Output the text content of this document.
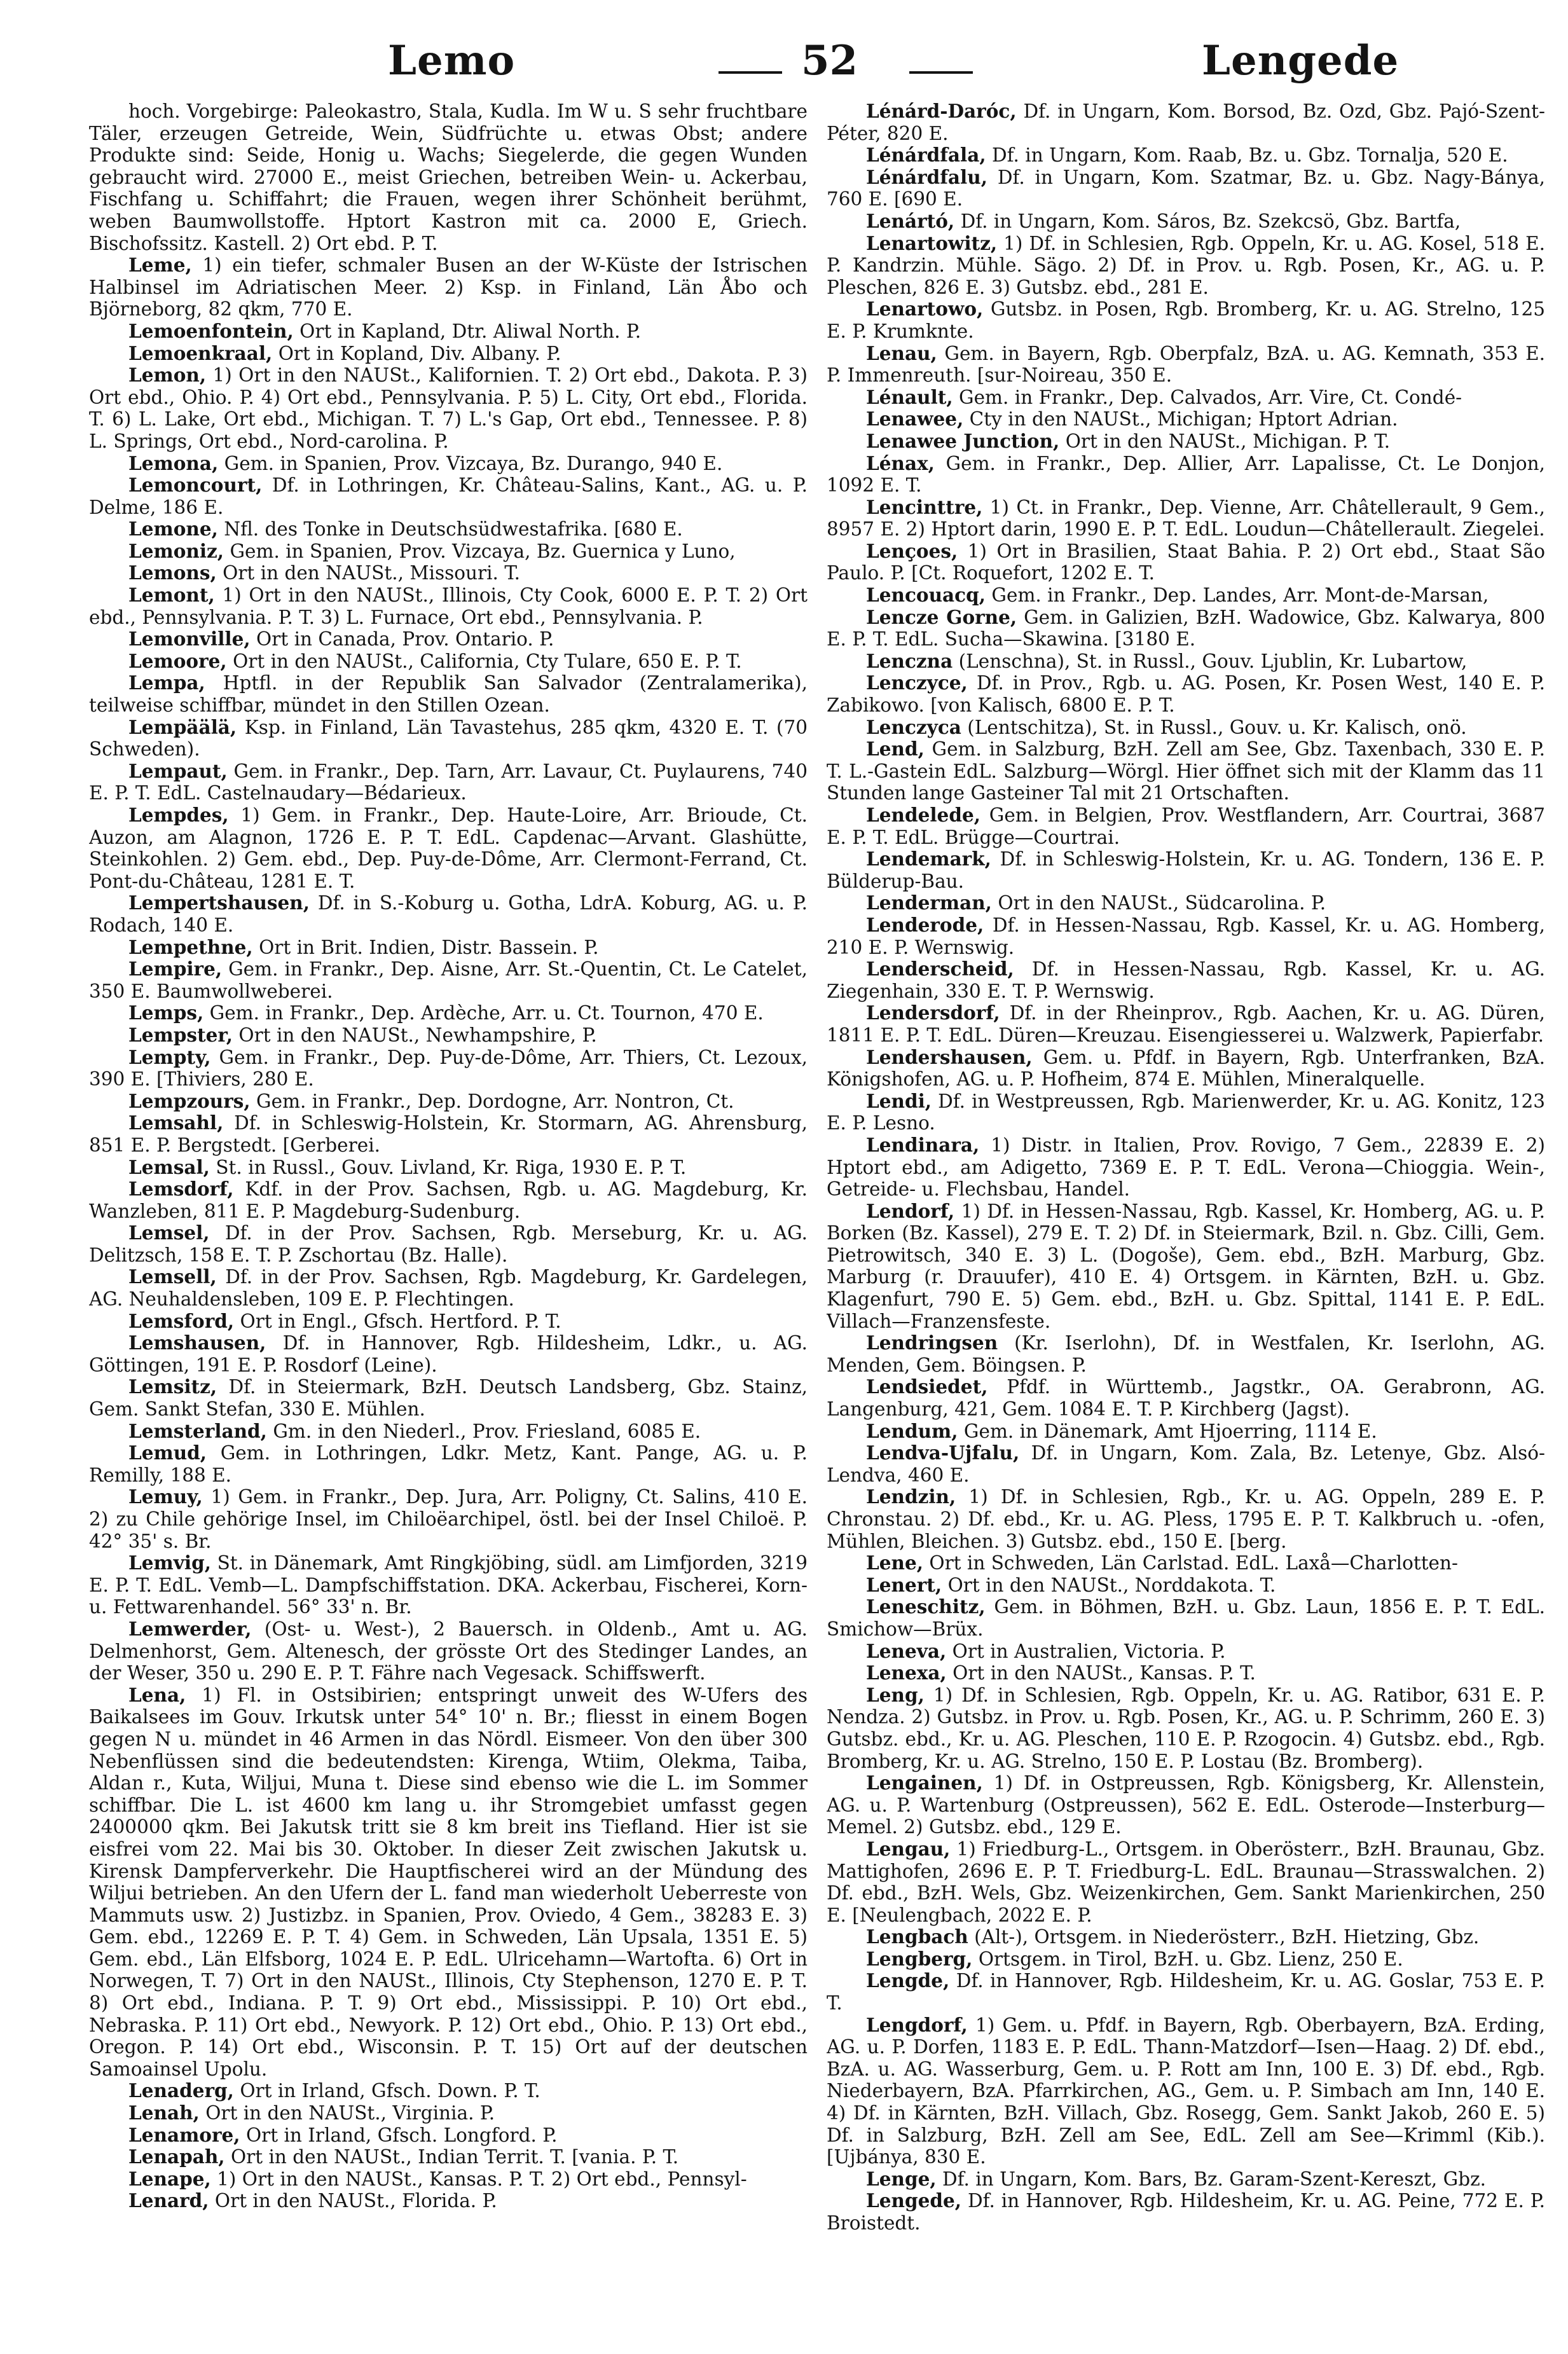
Lemo	52	Lengede

hoch. Vorgebirge: Paleokastro, Stala, Kudla. Im W u. S sehr fruchtbare Täler, erzeugen Getreide, Wein, Südfrüchte u. etwas Obst; andere Produkte sind: Seide, Honig u. Wachs; Siegelerde, die gegen Wunden gebraucht wird. 27000 E., meist Griechen, betreiben Wein- u. Ackerbau, Fischfang u. Schiffahrt; die Frauen, wegen ihrer Schönheit berühmt, weben Baumwollstoffe. Hptort Kastron mit ca. 2000 E, Griech. Bischofssitz. Kastell. 2) Ort ebd. P. T.

Leme, 1) ein tiefer, schmaler Busen an der W-Küste der Istrischen Halbinsel im Adriatischen Meer. 2) Ksp. in Finland, Län Åbo och Björneborg, 82 qkm, 770 E.

Lemoenfontein, Ort in Kapland, Dtr. Aliwal North. P.

Lemoenkraal, Ort in Kopland, Div. Albany. P.

Lemon, 1) Ort in den NAUSt., Kalifornien. T. 2) Ort ebd., Dakota. P. 3) Ort ebd., Ohio. P. 4) Ort ebd., Pennsylvania. P. 5) L. City, Ort ebd., Florida. T. 6) L. Lake, Ort ebd., Michigan. T. 7) L.'s Gap, Ort ebd., Tennessee. P. 8) L. Springs, Ort ebd., Nord-carolina. P.

Lemona, Gem. in Spanien, Prov. Vizcaya, Bz. Durango, 940 E.

Lemoncourt, Df. in Lothringen, Kr. Château-Salins, Kant., AG. u. P. Delme, 186 E.

Lemone, Nfl. des Tonke in Deutschsüdwestafrika. [680 E.

Lemoniz, Gem. in Spanien, Prov. Vizcaya, Bz. Guernica y Luno,

Lemons, Ort in den NAUSt., Missouri. T.

Lemont, 1) Ort in den NAUSt., Illinois, Cty Cook, 6000 E. P. T. 2) Ort ebd., Pennsylvania. P. T. 3) L. Furnace, Ort ebd., Pennsylvania. P.

Lemonville, Ort in Canada, Prov. Ontario. P.

Lemoore, Ort in den NAUSt., California, Cty Tulare, 650 E. P. T.

Lempa, Hptfl. in der Republik San Salvador (Zentralamerika), teilweise schiffbar, mündet in den Stillen Ozean.

Lempäälä, Ksp. in Finland, Län Tavastehus, 285 qkm, 4320 E. T. (70 Schweden).

Lempaut, Gem. in Frankr., Dep. Tarn, Arr. Lavaur, Ct. Puylaurens, 740 E. P. T. EdL. Castelnaudary—Bédarieux.

Lempdes, 1) Gem. in Frankr., Dep. Haute-Loire, Arr. Brioude, Ct. Auzon, am Alagnon, 1726 E. P. T. EdL. Capdenac—Arvant. Glashütte, Steinkohlen. 2) Gem. ebd., Dep. Puy-de-Dôme, Arr. Clermont-Ferrand, Ct. Pont-du-Château, 1281 E. T.

Lempertshausen, Df. in S.-Koburg u. Gotha, LdrA. Koburg, AG. u. P. Rodach, 140 E.

Lempethne, Ort in Brit. Indien, Distr. Bassein. P.

Lempire, Gem. in Frankr., Dep. Aisne, Arr. St.-Quentin, Ct. Le Catelet, 350 E. Baumwollweberei.

Lemps, Gem. in Frankr., Dep. Ardèche, Arr. u. Ct. Tournon, 470 E.

Lempster, Ort in den NAUSt., Newhampshire, P.

Lempty, Gem. in Frankr., Dep. Puy-de-Dôme, Arr. Thiers, Ct. Lezoux, 390 E. [Thiviers, 280 E.

Lempzours, Gem. in Frankr., Dep. Dordogne, Arr. Nontron, Ct.

Lemsahl, Df. in Schleswig-Holstein, Kr. Stormarn, AG. Ahrensburg, 851 E. P. Bergstedt. [Gerberei.

Lemsal, St. in Russl., Gouv. Livland, Kr. Riga, 1930 E. P. T.

Lemsdorf, Kdf. in der Prov. Sachsen, Rgb. u. AG. Magdeburg, Kr. Wanzleben, 811 E. P. Magdeburg-Sudenburg.

Lemsel, Df. in der Prov. Sachsen, Rgb. Merseburg, Kr. u. AG. Delitzsch, 158 E. T. P. Zschortau (Bz. Halle).

Lemsell, Df. in der Prov. Sachsen, Rgb. Magdeburg, Kr. Gardelegen, AG. Neuhaldensleben, 109 E. P. Flechtingen.

Lemsford, Ort in Engl., Gfsch. Hertford. P. T.

Lemshausen, Df. in Hannover, Rgb. Hildesheim, Ldkr., u. AG. Göttingen, 191 E. P. Rosdorf (Leine).

Lemsitz, Df. in Steiermark, BzH. Deutsch Landsberg, Gbz. Stainz, Gem. Sankt Stefan, 330 E. Mühlen.

Lemsterland, Gm. in den Niederl., Prov. Friesland, 6085 E.

Lemud, Gem. in Lothringen, Ldkr. Metz, Kant. Pange, AG. u. P. Remilly, 188 E.

Lemuy, 1) Gem. in Frankr., Dep. Jura, Arr. Poligny, Ct. Salins, 410 E. 2) zu Chile gehörige Insel, im Chiloëarchipel, östl. bei der Insel Chiloë. P. 42° 35' s. Br.

Lemvig, St. in Dänemark, Amt Ringkjöbing, südl. am Limfjorden, 3219 E. P. T. EdL. Vemb—L. Dampfschiffstation. DKA. Ackerbau, Fischerei, Korn- u. Fettwarenhandel. 56° 33' n. Br.

Lemwerder, (Ost- u. West-), 2 Bauersch. in Oldenb., Amt u. AG. Delmenhorst, Gem. Altenesch, der grösste Ort des Stedinger Landes, an der Weser, 350 u. 290 E. P. T. Fähre nach Vegesack. Schiffswerft.

Lena, 1) Fl. in Ostsibirien; entspringt unweit des W-Ufers des Baikalsees im Gouv. Irkutsk unter 54° 10' n. Br.; fliesst in einem Bogen gegen N u. mündet in 46 Armen in das Nördl. Eismeer. Von den über 300 Nebenflüssen sind die bedeutendsten: Kirenga, Wtiim, Olekma, Taiba, Aldan r., Kuta, Wiljui, Muna t. Diese sind ebenso wie die L. im Sommer schiffbar. Die L. ist 4600 km lang u. ihr Stromgebiet umfasst gegen 2400000 qkm. Bei Jakutsk tritt sie 8 km breit ins Tiefland. Hier ist sie eisfrei vom 22. Mai bis 30. Oktober. In dieser Zeit zwischen Jakutsk u. Kirensk Dampferverkehr. Die Hauptfischerei wird an der Mündung des Wiljui betrieben. An den Ufern der L. fand man wiederholt Ueberreste von Mammuts usw. 2) Justizbz. in Spanien, Prov. Oviedo, 4 Gem., 38283 E. 3) Gem. ebd., 12269 E. P. T. 4) Gem. in Schweden, Län Upsala, 1351 E. 5) Gem. ebd., Län Elfsborg, 1024 E. P. EdL. Ulricehamn—Wartofta. 6) Ort in Norwegen, T. 7) Ort in den NAUSt., Illinois, Cty Stephenson, 1270 E. P. T. 8) Ort ebd., Indiana. P. T. 9) Ort ebd., Mississippi. P. 10) Ort ebd., Nebraska. P. 11) Ort ebd., Newyork. P. 12) Ort ebd., Ohio. P. 13) Ort ebd., Oregon. P. 14) Ort ebd., Wisconsin. P. T. 15) Ort auf der deutschen Samoainsel Upolu.

Lenaderg, Ort in Irland, Gfsch. Down. P. T.

Lenah, Ort in den NAUSt., Virginia. P.

Lenamore, Ort in Irland, Gfsch. Longford. P.

Lenapah, Ort in den NAUSt., Indian Territ. T. [vania. P. T.

Lenape, 1) Ort in den NAUSt., Kansas. P. T. 2) Ort ebd., Pennsyl-

Lenard, Ort in den NAUSt., Florida. P.

Lénárd-Daróc, Df. in Ungarn, Kom. Borsod, Bz. Ozd, Gbz. Pajó-Szent-Péter, 820 E.

Lénárdfala, Df. in Ungarn, Kom. Raab, Bz. u. Gbz. Tornalja, 520 E.

Lénárdfalu, Df. in Ungarn, Kom. Szatmar, Bz. u. Gbz. Nagy-Bánya, 760 E. [690 E.

Lenártó, Df. in Ungarn, Kom. Sáros, Bz. Szekcsö, Gbz. Bartfa,

Lenartowitz, 1) Df. in Schlesien, Rgb. Oppeln, Kr. u. AG. Kosel, 518 E. P. Kandrzin. Mühle. Sägo. 2) Df. in Prov. u. Rgb. Posen, Kr., AG. u. P. Pleschen, 826 E. 3) Gutsbz. ebd., 281 E.

Lenartowo, Gutsbz. in Posen, Rgb. Bromberg, Kr. u. AG. Strelno, 125 E. P. Krumknte.

Lenau, Gem. in Bayern, Rgb. Oberpfalz, BzA. u. AG. Kemnath, 353 E. P. Immenreuth. [sur-Noireau, 350 E.

Lénault, Gem. in Frankr., Dep. Calvados, Arr. Vire, Ct. Condé-

Lenawee, Cty in den NAUSt., Michigan; Hptort Adrian.

Lenawee Junction, Ort in den NAUSt., Michigan. P. T.

Lénax, Gem. in Frankr., Dep. Allier, Arr. Lapalisse, Ct. Le Donjon, 1092 E. T.

Lencinttre, 1) Ct. in Frankr., Dep. Vienne, Arr. Châtellerault, 9 Gem., 8957 E. 2) Hptort darin, 1990 E. P. T. EdL. Loudun—Châtellerault. Ziegelei.

Lençoes, 1) Ort in Brasilien, Staat Bahia. P. 2) Ort ebd., Staat São Paulo. P. [Ct. Roquefort, 1202 E. T.

Lencouacq, Gem. in Frankr., Dep. Landes, Arr. Mont-de-Marsan,

Lencze Gorne, Gem. in Galizien, BzH. Wadowice, Gbz. Kalwarya, 800 E. P. T. EdL. Sucha—Skawina. [3180 E.

Lenczna (Lenschna), St. in Russl., Gouv. Ljublin, Kr. Lubartow,

Lenczyce, Df. in Prov., Rgb. u. AG. Posen, Kr. Posen West, 140 E. P. Zabikowo. [von Kalisch, 6800 E. P. T.

Lenczyca (Lentschitza), St. in Russl., Gouv. u. Kr. Kalisch, onö.

Lend, Gem. in Salzburg, BzH. Zell am See, Gbz. Taxenbach, 330 E. P. T. L.-Gastein EdL. Salzburg—Wörgl. Hier öffnet sich mit der Klamm das 11 Stunden lange Gasteiner Tal mit 21 Ortschaften.

Lendelede, Gem. in Belgien, Prov. Westflandern, Arr. Courtrai, 3687 E. P. T. EdL. Brügge—Courtrai.

Lendemark, Df. in Schleswig-Holstein, Kr. u. AG. Tondern, 136 E. P. Bülderup-Bau.

Lenderman, Ort in den NAUSt., Südcarolina. P.

Lenderode, Df. in Hessen-Nassau, Rgb. Kassel, Kr. u. AG. Homberg, 210 E. P. Wernswig.

Lenderscheid, Df. in Hessen-Nassau, Rgb. Kassel, Kr. u. AG. Ziegenhain, 330 E. T. P. Wernswig.

Lendersdorf, Df. in der Rheinprov., Rgb. Aachen, Kr. u. AG. Düren, 1811 E. P. T. EdL. Düren—Kreuzau. Eisengiesserei u. Walzwerk, Papierfabr.

Lendershausen, Gem. u. Pfdf. in Bayern, Rgb. Unterfranken, BzA. Königshofen, AG. u. P. Hofheim, 874 E. Mühlen, Mineralquelle.

Lendi, Df. in Westpreussen, Rgb. Marienwerder, Kr. u. AG. Konitz, 123 E. P. Lesno.

Lendinara, 1) Distr. in Italien, Prov. Rovigo, 7 Gem., 22839 E. 2) Hptort ebd., am Adigetto, 7369 E. P. T. EdL. Verona—Chioggia. Wein-, Getreide- u. Flechsbau, Handel.

Lendorf, 1) Df. in Hessen-Nassau, Rgb. Kassel, Kr. Homberg, AG. u. P. Borken (Bz. Kassel), 279 E. T. 2) Df. in Steiermark, Bzil. n. Gbz. Cilli, Gem. Pietrowitsch, 340 E. 3) L. (Dogoše), Gem. ebd., BzH. Marburg, Gbz. Marburg (r. Drauufer), 410 E. 4) Ortsgem. in Kärnten, BzH. u. Gbz. Klagenfurt, 790 E. 5) Gem. ebd., BzH. u. Gbz. Spittal, 1141 E. P. EdL. Villach—Franzensfeste.

Lendringsen (Kr. Iserlohn), Df. in Westfalen, Kr. Iserlohn, AG. Menden, Gem. Böingsen. P.

Lendsiedet, Pfdf. in Württemb., Jagstkr., OA. Gerabronn, AG. Langenburg, 421, Gem. 1084 E. T. P. Kirchberg (Jagst).

Lendum, Gem. in Dänemark, Amt Hjoerring, 1114 E.

Lendva-Ujfalu, Df. in Ungarn, Kom. Zala, Bz. Letenye, Gbz. Alsó-Lendva, 460 E.

Lendzin, 1) Df. in Schlesien, Rgb., Kr. u. AG. Oppeln, 289 E. P. Chronstau. 2) Df. ebd., Kr. u. AG. Pless, 1795 E. P. T. Kalkbruch u. -ofen, Mühlen, Bleichen. 3) Gutsbz. ebd., 150 E. [berg.

Lene, Ort in Schweden, Län Carlstad. EdL. Laxå—Charlotten-

Lenert, Ort in den NAUSt., Norddakota. T.

Leneschitz, Gem. in Böhmen, BzH. u. Gbz. Laun, 1856 E. P. T. EdL. Smichow—Brüx.

Leneva, Ort in Australien, Victoria. P.

Lenexa, Ort in den NAUSt., Kansas. P. T.

Leng, 1) Df. in Schlesien, Rgb. Oppeln, Kr. u. AG. Ratibor, 631 E. P. Nendza. 2) Gutsbz. in Prov. u. Rgb. Posen, Kr., AG. u. P. Schrimm, 260 E. 3) Gutsbz. ebd., Kr. u. AG. Pleschen, 110 E. P. Rzogocin. 4) Gutsbz. ebd., Rgb. Bromberg, Kr. u. AG. Strelno, 150 E. P. Lostau (Bz. Bromberg).

Lengainen, 1) Df. in Ostpreussen, Rgb. Königsberg, Kr. Allenstein, AG. u. P. Wartenburg (Ostpreussen), 562 E. EdL. Osterode—Insterburg—Memel. 2) Gutsbz. ebd., 129 E.

Lengau, 1) Friedburg-L., Ortsgem. in Oberösterr., BzH. Braunau, Gbz. Mattighofen, 2696 E. P. T. Friedburg-L. EdL. Braunau—Strasswalchen. 2) Df. ebd., BzH. Wels, Gbz. Weizenkirchen, Gem. Sankt Marienkirchen, 250 E. [Neulengbach, 2022 E. P.

Lengbach (Alt-), Ortsgem. in Niederösterr., BzH. Hietzing, Gbz.

Lengberg, Ortsgem. in Tirol, BzH. u. Gbz. Lienz, 250 E.

Lengde, Df. in Hannover, Rgb. Hildesheim, Kr. u. AG. Goslar, 753 E. P. T.

Lengdorf, 1) Gem. u. Pfdf. in Bayern, Rgb. Oberbayern, BzA. Erding, AG. u. P. Dorfen, 1183 E. P. EdL. Thann-Matzdorf—Isen—Haag. 2) Df. ebd., BzA. u. AG. Wasserburg, Gem. u. P. Rott am Inn, 100 E. 3) Df. ebd., Rgb. Niederbayern, BzA. Pfarrkirchen, AG., Gem. u. P. Simbach am Inn, 140 E. 4) Df. in Kärnten, BzH. Villach, Gbz. Rosegg, Gem. Sankt Jakob, 260 E. 5) Df. in Salzburg, BzH. Zell am See, EdL. Zell am See—Krimml (Kib.). [Ujbánya, 830 E.

Lenge, Df. in Ungarn, Kom. Bars, Bz. Garam-Szent-Kereszt, Gbz.

Lengede, Df. in Hannover, Rgb. Hildesheim, Kr. u. AG. Peine, 772 E. P. Broistedt.
